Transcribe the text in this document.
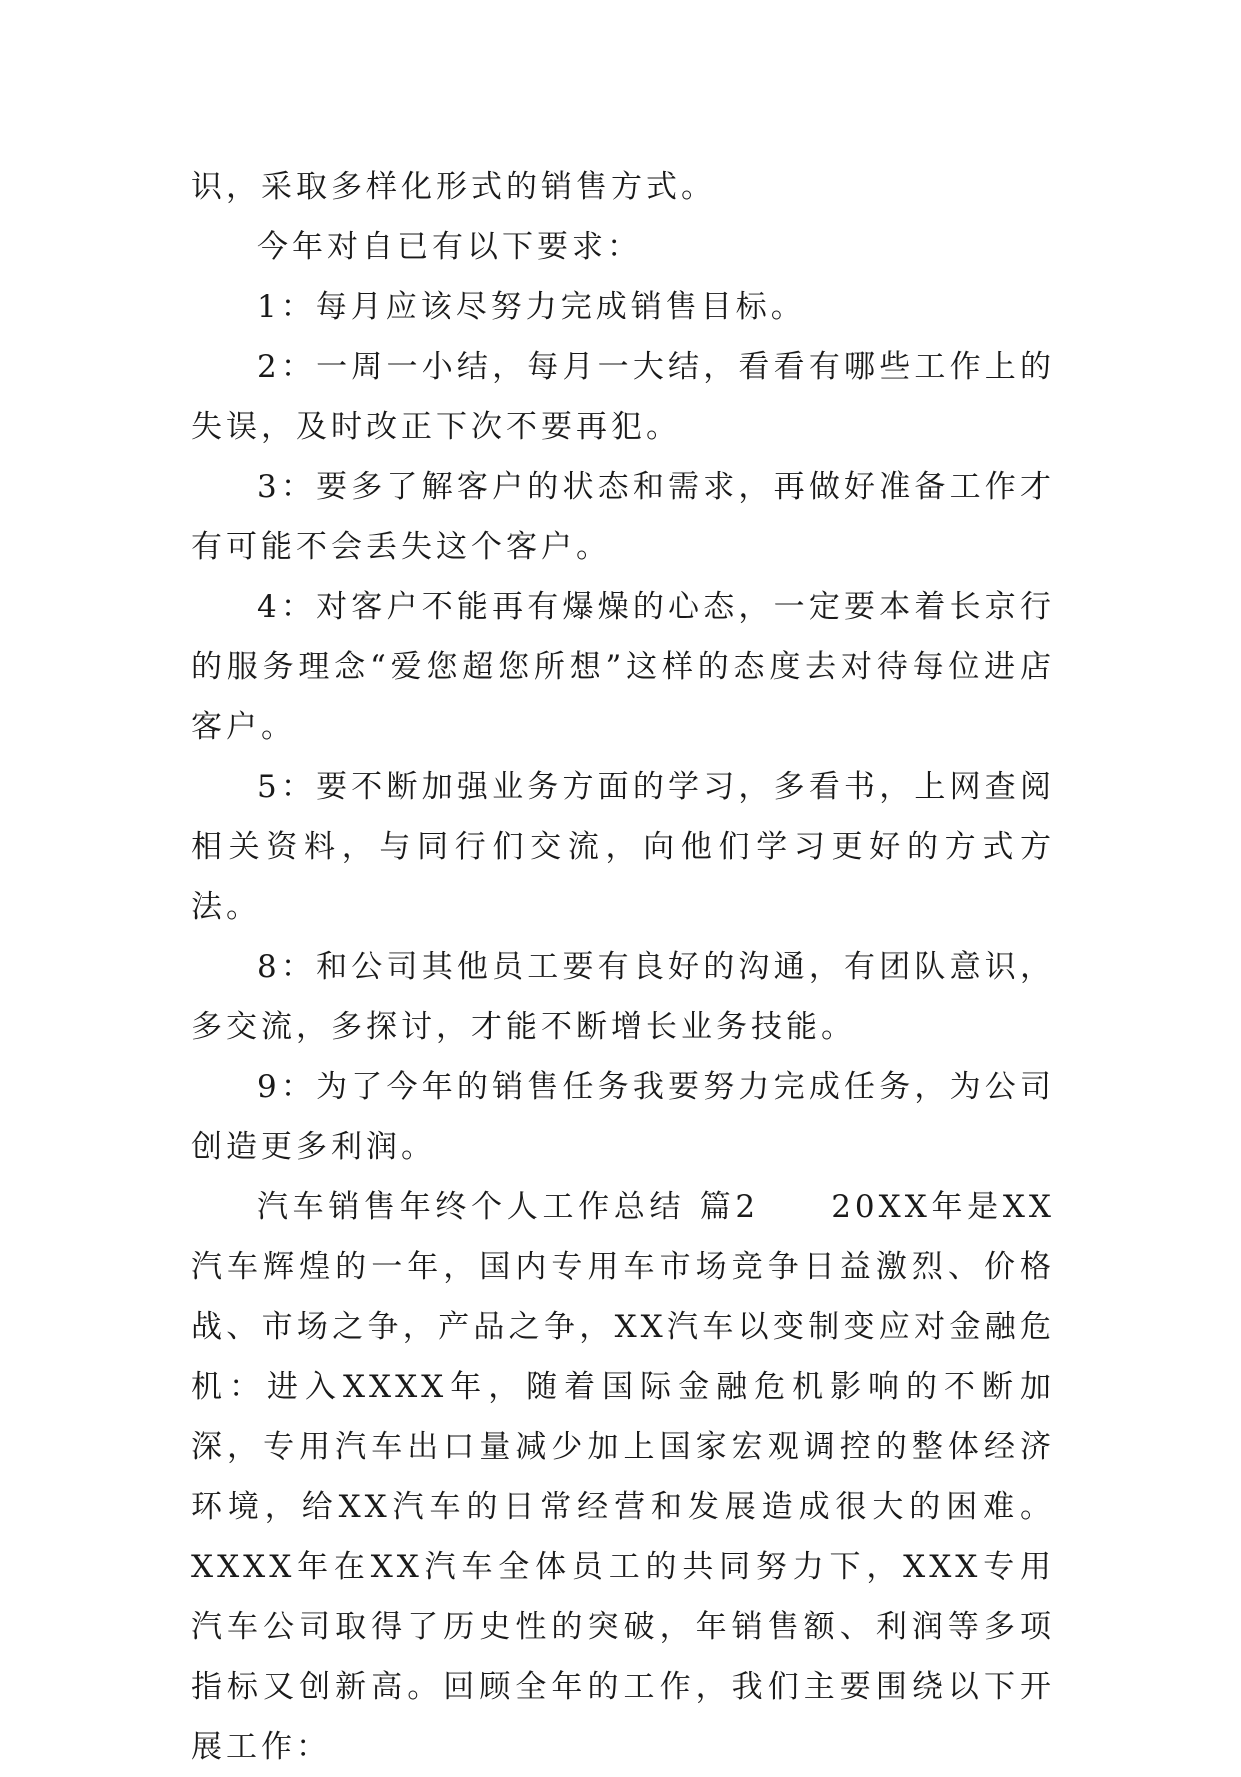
识，采取多样化形式的销售方式。

今年对自已有以下要求：

1：每月应该尽努力完成销售目标。

2：一周一小结，每月一大结，看看有哪些工作上的失误，及时改正下次不要再犯。

3：要多了解客户的状态和需求，再做好准备工作才有可能不会丢失这个客户。

4：对客户不能再有爆燥的心态，一定要本着长京行的服务理念“爱您超您所想”这样的态度去对待每位进店客户。

5：要不断加强业务方面的学习，多看书，上网查阅相关资料，与同行们交流，向他们学习更好的方式方法。

8：和公司其他员工要有良好的沟通，有团队意识，多交流，多探讨，才能不断增长业务技能。

9：为了今年的销售任务我要努力完成任务，为公司创造更多利润。

汽车销售年终个人工作总结 篇2　　20XX年是XX汽车辉煌的一年，国内专用车市场竞争日益激烈、价格战、市场之争，产品之争，XX汽车以变制变应对金融危机：进入XXXX年，随着国际金融危机影响的不断加 深，专用汽车出口量减少加上国家宏观调控的整体经济环境，给XX汽车的日常经营和发展造成很大的困难。XXXX年在XX汽车全体员工的共同努力下，XXX专用汽车公司取得了历史性的突破，年销售额、利润等多项指标又创新高。回顾全年的工作，我们主要围绕以下开展工作：
